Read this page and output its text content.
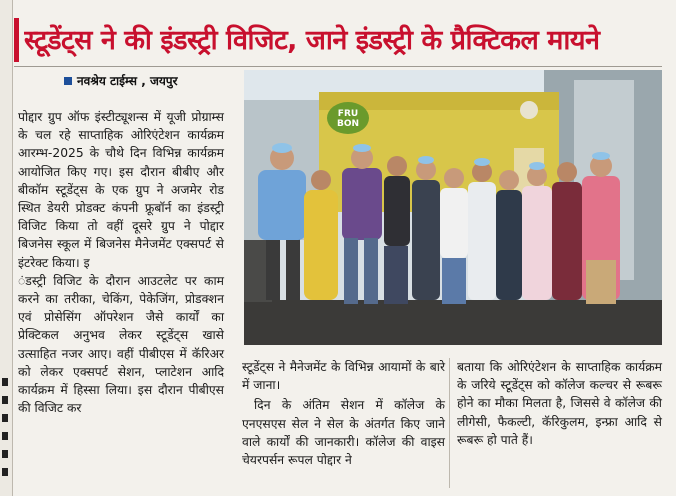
स्टूडेंट्स ने की इंडस्ट्री विजिट, जाने इंडस्ट्री के प्रैक्टिकल मायने
नवश्रेय टाईम्स , जयपुर

पोद्दार ग्रुप ऑफ इंस्टीट्यूशन्स में यूजी प्रोग्राम्स के चल रहे साप्ताहिक ओरिएंटेशन कार्यक्रम आरम्भ-2025 के चौथे दिन विभिन्न कार्यक्रम आयोजित किए गए। इस दौरान बीबीए और बीकॉम स्टूडेंट्स के एक ग्रुप ने अजमेर रोड स्थित डेयरी प्रोडक्ट कंपनी फ्रूबॉर्न का इंडस्ट्री विजिट किया तो वहीं दूसरे ग्रुप ने पोद्दार बिजनेस स्कूल में बिजनेस मैनेजमेंट एक्सपर्ट से इंटरेक्ट किया। इ

ंडस्ट्री विजिट के दौरान आउटलेट पर काम करने का तरीका, चेकिंग, पेकेजिंग, प्रोडक्शन एवं प्रोसेसिंग ऑपरेशन जैसे कार्यों का प्रेक्टिकल अनुभव लेकर स्टूडेंट्स खासे उत्साहित नजर आए। वहीं पीबीएस में कॅरिअर को लेकर एक्सपर्ट सेशन, प्लाटेशन आदि कार्यक्रम में हिस्सा लिया। इस दौरान पीबीएस की विजिट कर

FRU
BON

स्टूडेंट्स ने मैनेजमेंट के विभिन्न आयामों के बारे में जाना।

दिन के अंतिम सेशन में कॉलेज के एनएसएस सेल ने सेल के अंतर्गत किए जाने वाले कार्यों की जानकारी। कॉलेज की वाइस चेयरपर्सन रूपल पोद्दार ने

बताया कि ओरिएंटेशन के साप्ताहिक कार्यक्रम के जरिये स्टूडेंट्स को कॉलेज कल्चर से रूबरू होने का मौका मिलता है, जिससे वे कॉलेज की लीगेसी, फैकल्टी, कॅरिकुलम, इन्फ्रा आदि से रूबरू हो पाते हैं।
